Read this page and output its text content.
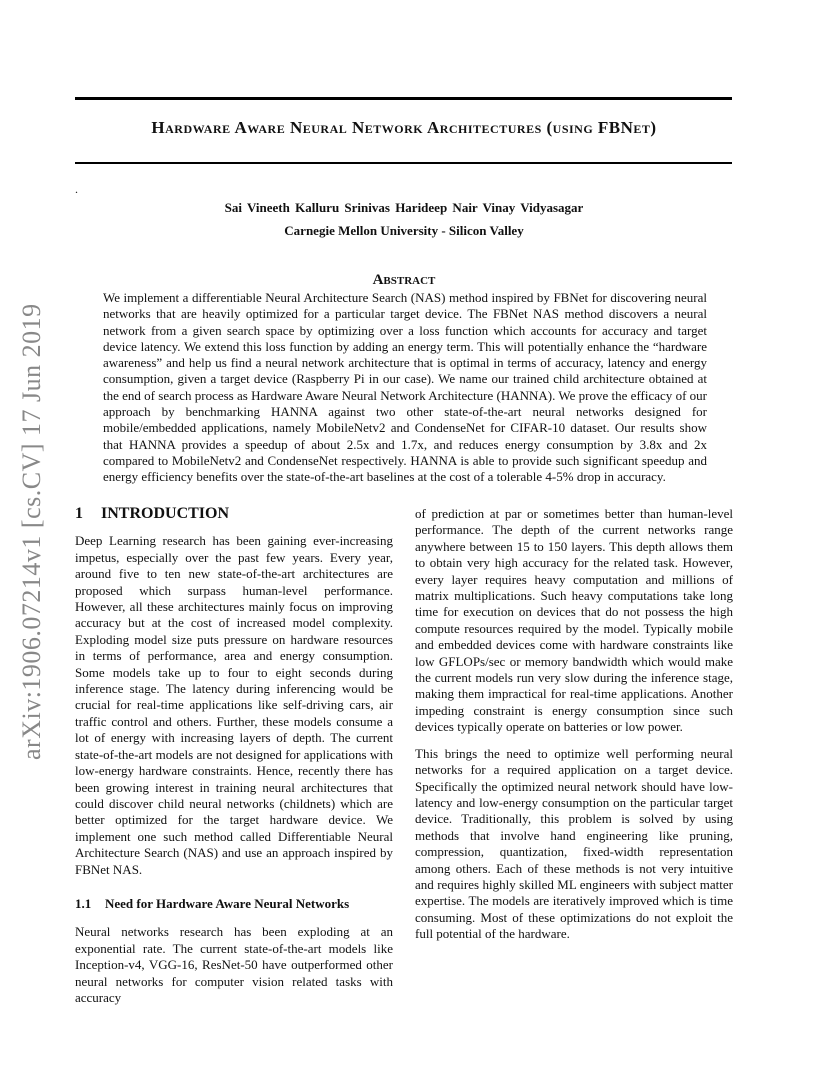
Hardware Aware Neural Network Architectures (using FBNet)
.
Sai Vineeth Kalluru Srinivas Harideep Nair Vinay Vidyasagar
Carnegie Mellon University - Silicon Valley
Abstract
We implement a differentiable Neural Architecture Search (NAS) method inspired by FBNet for discovering neural networks that are heavily optimized for a particular target device. The FBNet NAS method discovers a neural network from a given search space by optimizing over a loss function which accounts for accuracy and target device latency. We extend this loss function by adding an energy term. This will potentially enhance the “hardware awareness” and help us find a neural network architecture that is optimal in terms of accuracy, latency and energy consumption, given a target device (Raspberry Pi in our case). We name our trained child architecture obtained at the end of search process as Hardware Aware Neural Network Architecture (HANNA). We prove the efficacy of our approach by benchmarking HANNA against two other state-of-the-art neural networks designed for mobile/embedded applications, namely MobileNetv2 and CondenseNet for CIFAR-10 dataset. Our results show that HANNA provides a speedup of about 2.5x and 1.7x, and reduces energy consumption by 3.8x and 2x compared to MobileNetv2 and CondenseNet respectively. HANNA is able to provide such significant speedup and energy efficiency benefits over the state-of-the-art baselines at the cost of a tolerable 4-5% drop in accuracy.
arXiv:1906.07214v1 [cs.CV] 17 Jun 2019 1 INTRODUCTION

Deep Learning research has been gaining ever-increasing impetus, especially over the past few years. Every year, around five to ten new state-of-the-art architectures are proposed which surpass human-level performance. However, all these architectures mainly focus on improving accuracy but at the cost of increased model complexity. Exploding model size puts pressure on hardware resources in terms of performance, area and energy consumption. Some models take up to four to eight seconds during inference stage. The latency during inferencing would be crucial for real-time applications like self-driving cars, air traffic control and others. Further, these models consume a lot of energy with increasing layers of depth. The current state-of-the-art models are not designed for applications with low-energy hardware constraints. Hence, recently there has been growing interest in training neural architectures that could discover child neural networks (childnets) which are better optimized for the target hardware device. We implement one such method called Differentiable Neural Architecture Search (NAS) and use an approach inspired by FBNet NAS.

1.1 Need for Hardware Aware Neural Networks

Neural networks research has been exploding at an exponential rate. The current state-of-the-art models like Inception-v4, VGG-16, ResNet-50 have outperformed other neural networks for computer vision related tasks with accuracy

of prediction at par or sometimes better than human-level performance. The depth of the current networks range anywhere between 15 to 150 layers. This depth allows them to obtain very high accuracy for the related task. However, every layer requires heavy computation and millions of matrix multiplications. Such heavy computations take long time for execution on devices that do not possess the high compute resources required by the model. Typically mobile and embedded devices come with hardware constraints like low GFLOPs/sec or memory bandwidth which would make the current models run very slow during the inference stage, making them impractical for real-time applications. Another impeding constraint is energy consumption since such devices typically operate on batteries or low power.

This brings the need to optimize well performing neural networks for a required application on a target device. Specifically the optimized neural network should have low-latency and low-energy consumption on the particular target device. Traditionally, this problem is solved by using methods that involve hand engineering like pruning, compression, quantization, fixed-width representation among others. Each of these methods is not very intuitive and requires highly skilled ML engineers with subject matter expertise. The models are iteratively improved which is time consuming. Most of these optimizations do not exploit the full potential of the hardware.
